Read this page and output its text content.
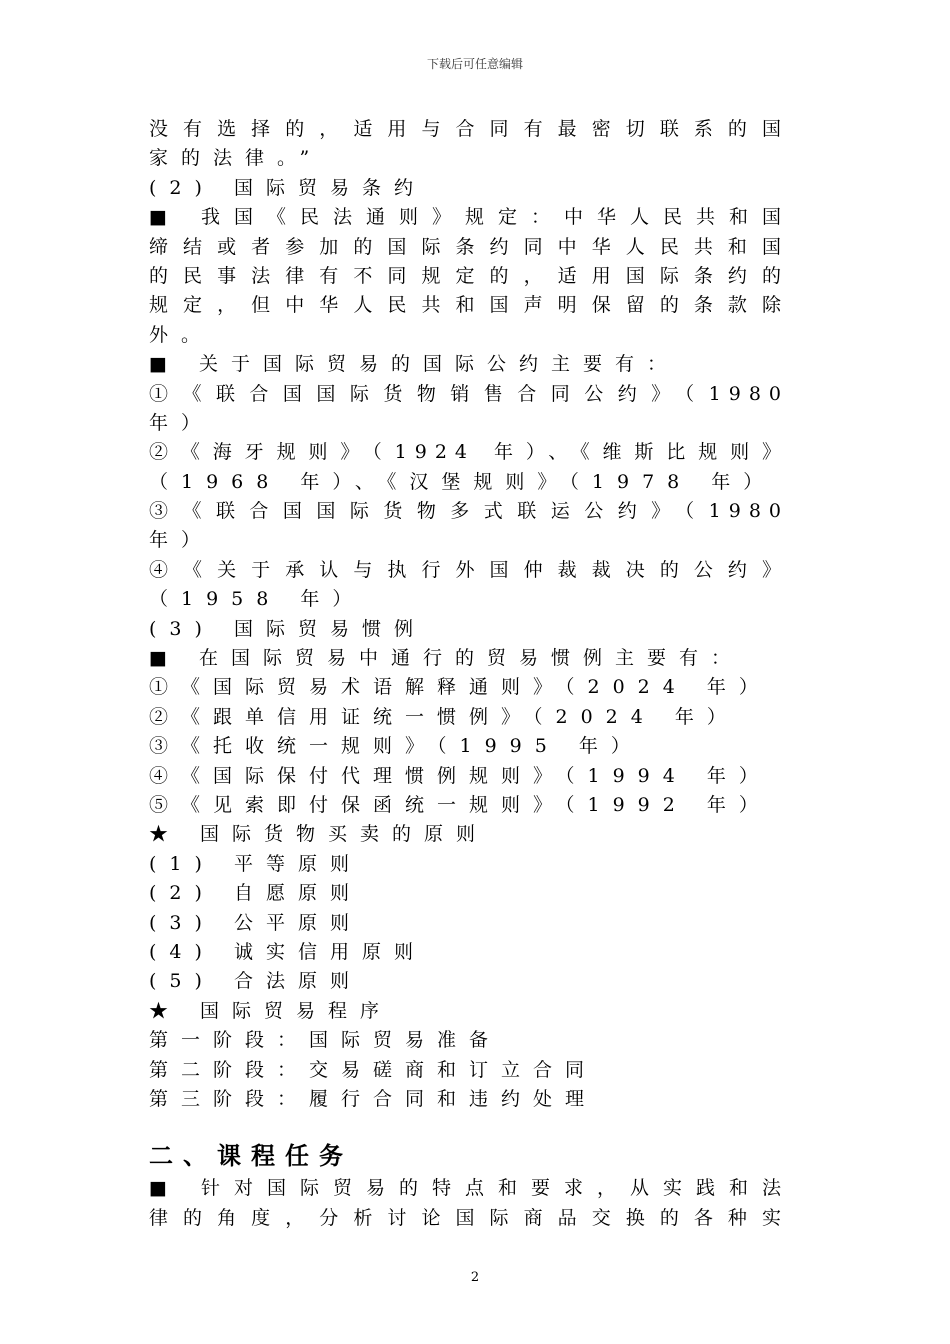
下载后可任意编辑
没有选择的，适用与合同有最密切联系的国
家的法律。”
(2) 国际贸易条约
■ 我国《民法通则》规定：中华人民共和国
缔结或者参加的国际条约同中华人民共和国
的民事法律有不同规定的，适用国际条约的
规定，但中华人民共和国声明保留的条款除
外。
■ 关于国际贸易的国际公约主要有：
①《联合国国际货物销售合同公约》（1980
年）
②《海牙规则》（1924 年）、《维斯比规则》
（1968 年）、《汉堡规则》（1978 年）
③《联合国国际货物多式联运公约》（1980
年）
④《关于承认与执行外国仲裁裁决的公约》
（1958 年）
(3) 国际贸易惯例
■ 在国际贸易中通行的贸易惯例主要有：
①《国际贸易术语解释通则》（2024 年）
②《跟单信用证统一惯例》（2024 年）
③《托收统一规则》（1995 年）
④《国际保付代理惯例规则》（1994 年）
⑤《见索即付保函统一规则》（1992 年）
★ 国际货物买卖的原则
(1) 平等原则
(2) 自愿原则
(3) 公平原则
(4) 诚实信用原则
(5) 合法原则
★ 国际贸易程序
第一阶段：国际贸易准备
第二阶段：交易磋商和订立合同
第三阶段：履行合同和违约处理
二、课程任务
■ 针对国际贸易的特点和要求，从实践和法
律的角度，分析讨论国际商品交换的各种实
2
